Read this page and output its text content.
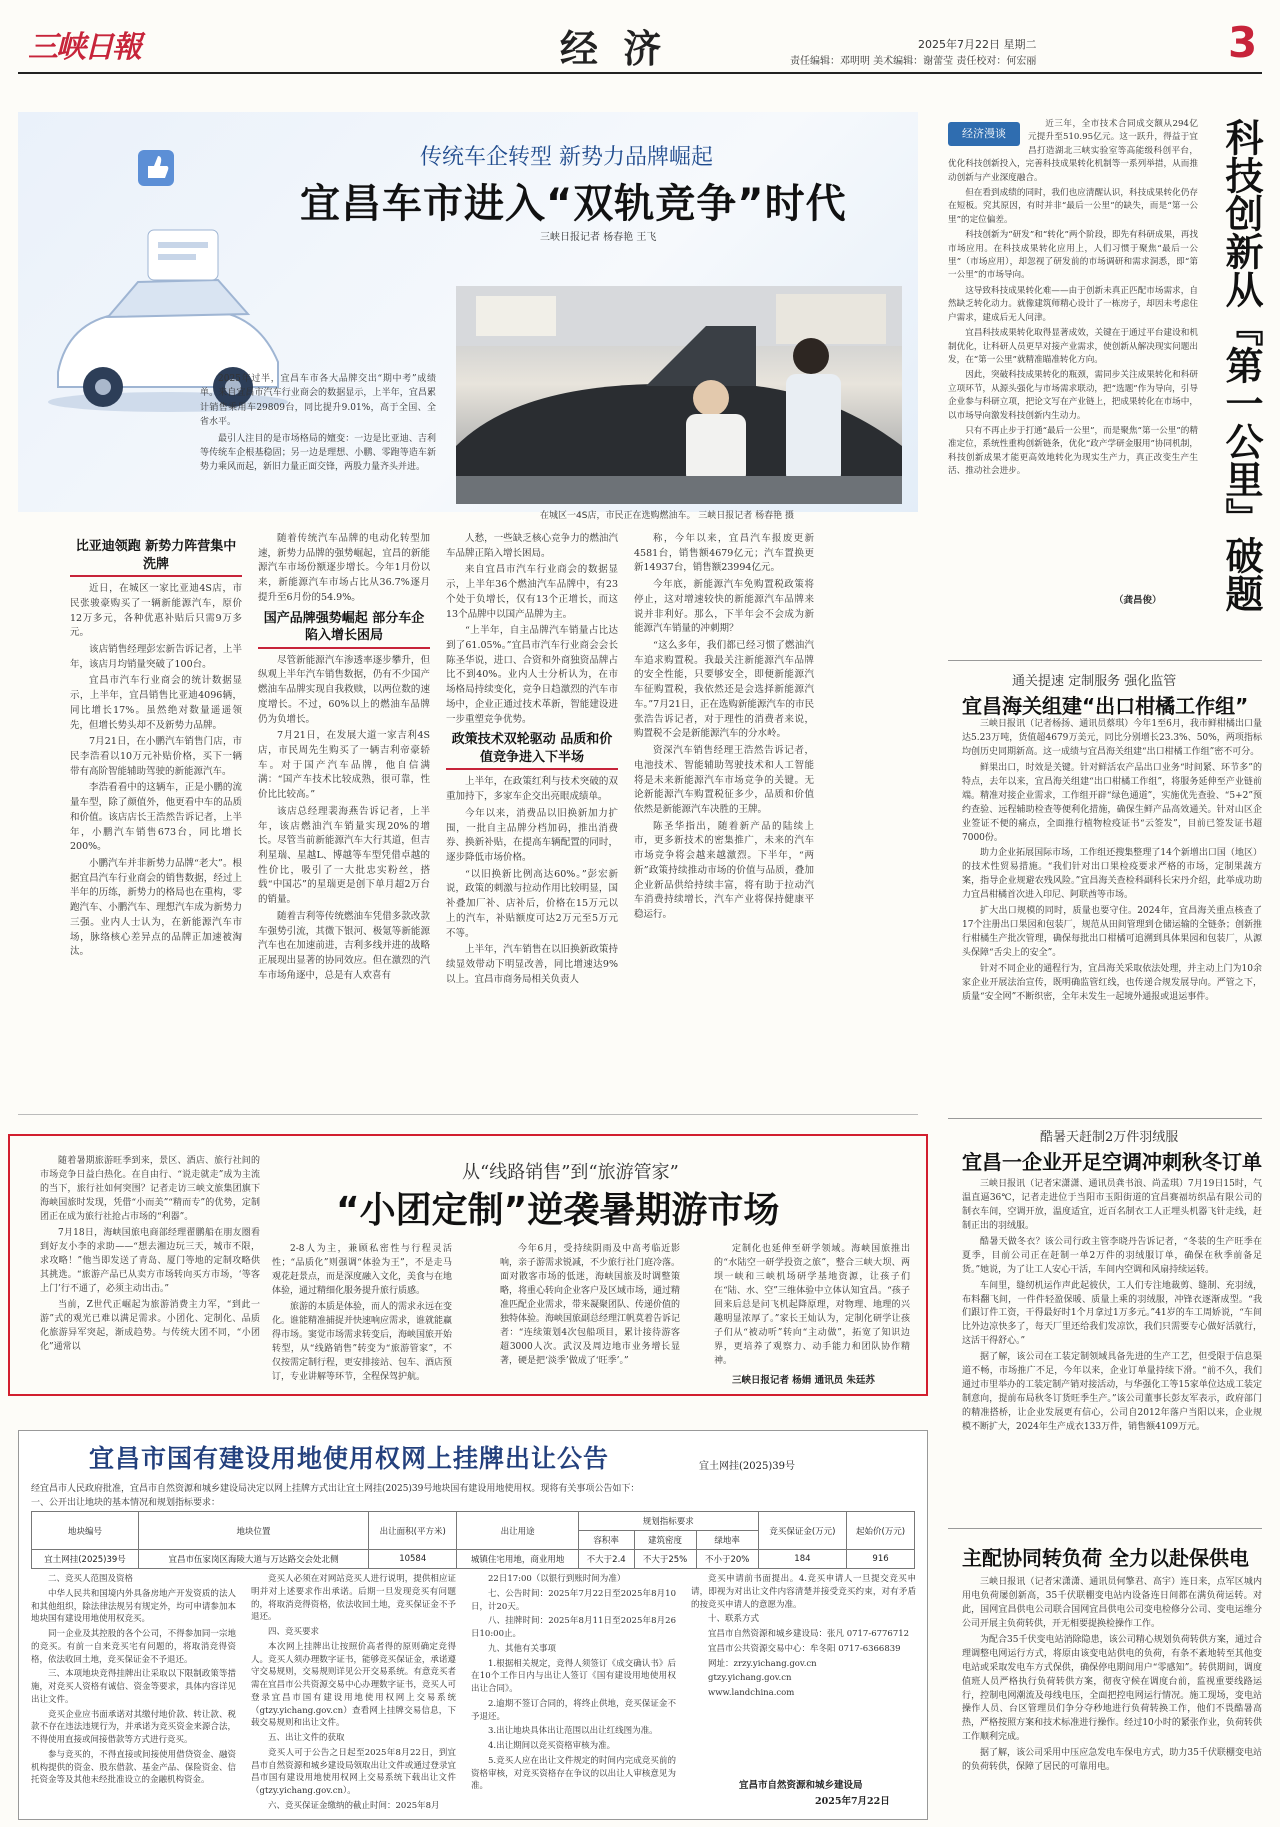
三峡日報	经 济	2025年7月22日 星期二
责任编辑：邓明明 美术编辑：谢蕾莹 责任校对：何宏丽	3
传统车企转型 新势力品牌崛起
宜昌车市进入“双轨竞争”时代
三峡日报记者 杨春艳 王飞

2025年过半，宜昌车市各大品牌交出“期中考”成绩单。来自宜昌市汽车行业商会的数据显示，上半年，宜昌累计销售乘用车29809台，同比提升9.01%，高于全国、全省水平。

最引人注目的是市场格局的嬗变：一边是比亚迪、吉利等传统车企根基稳固；另一边是理想、小鹏、零跑等造车新势力乘风而起，新旧力量正面交锋，两股力量齐头并进。

在城区一4S店，市民正在选购燃油车。 三峡日报记者 杨春艳 摄
比亚迪领跑 新势力阵营集中洗牌

近日，在城区一家比亚迪4S店，市民张骏豪购买了一辆新能源汽车，原价12万多元，各种优惠补贴后只需9万多元。

该店销售经理彭宏新告诉记者，上半年，该店月均销量突破了100台。

宜昌市汽车行业商会的统计数据显示，上半年，宜昌销售比亚迪4096辆，同比增长17%。虽然绝对数量遥遥领先，但增长势头却不及新势力品牌。

7月21日，在小鹏汽车销售门店，市民李浩看以10万元补贴价格，买下一辆带有高阶智能辅助驾驶的新能源汽车。

李浩看看中的这辆车，正是小鹏的流量车型，除了颜值外，他更看中车的品质和价值。该店店长王浩然告诉记者，上半年，小鹏汽车销售673台，同比增长200%。

小鹏汽车并非新势力品牌“老大”。根据宜昌汽车行业商会的销售数据，经过上半年的历练，新势力的格局也在重构，零跑汽车、小鹏汽车、理想汽车成为新势力三强。业内人士认为，在新能源汽车市场，脉络核心差异点的品牌正加速被淘汰。

随着传统汽车品牌的电动化转型加速，新势力品牌的强势崛起，宜昌的新能源汽车市场份额逐步增长。今年1月份以来，新能源汽车市场占比从36.7%逐月提升至6月份的54.9%。

国产品牌强势崛起 部分车企陷入增长困局

尽管新能源汽车渗透率逐步攀升，但纵观上半年汽车销售数据，仍有不少国产燃油车品牌实现自我救赎，以两位数的速度增长。不过，60%以上的燃油车品牌仍为负增长。

7月21日，在发展大道一家吉利4S店，市民周先生购买了一辆吉利帝豪轿车。对于国产汽车品牌，他自信满满：“国产车技术比较成熟，很可靠，性价比比较高。”

该店总经理裴海燕告诉记者，上半年，该店燃油汽车销量实现20%的增长。尽管当前新能源汽车大行其道，但吉利星瑞、星越L、博越等车型凭借卓越的性价比，吸引了一大批忠实粉丝，搭载“中国芯”的星瑞更是创下单月超2万台的销量。

随着吉利等传统燃油车凭借多款改款车强势引流，其微下银河、极氪等新能源汽车也在加速前进，吉利多线并进的战略正展现出显著的协同效应。但在激烈的汽车市场角逐中，总是有人欢喜有

人愁，一些缺乏核心竞争力的燃油汽车品牌正陷入增长困局。

来自宜昌市汽车行业商会的数据显示，上半年36个燃油汽车品牌中，有23个处于负增长，仅有13个正增长，而这13个品牌中以国产品牌为主。

“上半年，自主品牌汽车销量占比达到了61.05%。”宜昌市汽车行业商会会长陈圣华说，进口、合资和外商独资品牌占比不到40%。业内人士分析认为，在市场格局持续变化，竞争日趋激烈的汽车市场中，企业正通过技术革新，智能建设进一步重塑竞争优势。

政策技术双轮驱动 品质和价值竞争进入下半场

上半年，在政策红利与技术突破的双重加持下，多家车企交出亮眼成绩单。

今年以来，消费品以旧换新加力扩围，一批自主品牌分档加码，推出消费券、换新补贴，在提高车辆配置的同时，逐步降低市场价格。

“以旧换新比例高达60%。”彭宏新说，政策的刺激与拉动作用比较明显，国补叠加厂补、店补后，价格在15万元以上的汽车，补贴额度可达2万元至5万元不等。

上半年，汽车销售在以旧换新政策持续显效带动下明显改善，同比增速达9%以上。宜昌市商务局相关负责人

称，今年以来，宜昌汽车报废更新4581台，销售额4679亿元；汽车置换更新14937台，销售额23994亿元。

今年底，新能源汽车免购置税政策将停止，这对增速较快的新能源汽车品牌来说并非利好。那么，下半年会不会成为新能源汽车销量的冲刺期？

“这么多年，我们都已经习惯了燃油汽车追求购置税。我最关注新能源汽车品牌的安全性能，只要够安全，即便新能源汽车征购置税，我依然还是会选择新能源汽车。”7月21日，正在选购新能源汽车的市民张浩告诉记者，对于理性的消费者来说，购置税不会是新能源汽车的分水岭。

资深汽车销售经理王浩然告诉记者，电池技术、智能辅助驾驶技术和人工智能将是未来新能源汽车市场竞争的关键。无论新能源汽车购置税征多少，品质和价值依然是新能源汽车决胜的王牌。

陈圣华指出，随着新产品的陆续上市，更多新技术的密集推广，未来的汽车市场竞争将会越来越激烈。下半年，“两新”政策持续推动市场的价值与品质，叠加企业新品供给持续丰富，将有助于拉动汽车消费持续增长，汽车产业将保持健康平稳运行。

经济漫谈

近三年，全市技术合同成交额从294亿元提升至510.95亿元。这一跃升，得益于宜昌打造湖北三峡实验室等高能级科创平台，优化科技创新投入，完善科技成果转化机制等一系列举措，从而推动创新与产业深度融合。

但在看到成绩的同时，我们也应清醒认识，科技成果转化仍存在短板。究其原因，有时并非“最后一公里”的缺失，而是“第一公里”的定位偏差。

科技创新为“研发”和“转化”两个阶段，即先有科研成果，再找市场应用。在科技成果转化应用上，人们习惯于聚焦“最后一公里”（市场应用），却忽视了研发前的市场调研和需求洞悉，即“第一公里”的市场导向。

这导致科技成果转化难——由于创新未真正匹配市场需求，自然缺乏转化动力。就像建筑师精心设计了一栋房子，却因未考虑住户需求，建成后无人问津。

宜昌科技成果转化取得显著成效，关键在于通过平台建设和机制优化，让科研人员更早对接产业需求，使创新从解决现实问题出发，在“第一公里”就精准瞄准转化方向。

因此，突破科技成果转化的瓶颈，需同步关注成果转化和科研立项环节，从源头强化与市场需求联动，把“选题”作为导向，引导企业参与科研立项，把论文写在产业链上，把成果转化在市场中，以市场导向激发科技创新内生动力。

只有不再止步于打通“最后一公里”，而是聚焦“第一公里”的精准定位，系统性重构创新链条，优化“政产学研金服用”协同机制，科技创新成果才能更高效地转化为现实生产力，真正改变生产生活、推动社会进步。

（龚昌俊） 科技创新从『第一公里』破题
通关提速 定制服务 强化监管
宜昌海关组建“出口柑橘工作组”

三峡日报讯（记者杨扬、通讯员蔡琪）今年1至6月，我市鲜柑橘出口量达5.23万吨，货值超4679万美元，同比分别增长23.3%、50%，两项指标均创历史同期新高。这一成绩与宜昌海关组建“出口柑橘工作组”密不可分。

鲜果出口，时效是关键。针对鲜活农产品出口业务“时间紧、环节多”的特点，去年以来，宜昌海关组建“出口柑橘工作组”，将服务延伸至产业链前端。精准对接企业需求，工作组开辟“绿色通道”，实施优先查验、“5+2”预约查验、远程辅助检查等便利化措施，确保生鲜产品高效通关。针对山区企业签证不便的痛点，全面推行植物检疫证书“云签发”，目前已签发证书超7000份。

助力企业拓展国际市场，工作组还搜集整理了14个新增出口国（地区）的技术性贸易措施。“我们针对出口果检疫要求严格的市场，定制果蔬方案，指导企业规避农残风险。”宜昌海关查检科副科长宋丹介绍，此举成功助力宜昌柑橘首次进入印尼、阿联酋等市场。

扩大出口规模的同时，质量也要守住。2024年，宜昌海关重点核查了17个注册出口果园和包装厂，规范从田间管理到仓储运输的全链条；创新推行柑橘生产批次管理，确保每批出口柑橘可追溯到具体果园和包装厂，从源头保障“舌尖上的安全”。

针对不同企业的通程行为，宜昌海关采取依法处理，并主动上门为10余家企业开展法治宣传，既明确监管红线，也传递合规发展导向。严管之下，质量“安全网”不断织密，全年未发生一起境外通报或退运事件。

酷暑天赶制2万件羽绒服
宜昌一企业开足空调冲刺秋冬订单

三峡日报讯（记者宋潇潇、通讯员龚书浪、尚孟琪）7月19日15时，气温直逼36℃，记者走进位于当阳市玉阳街道的宜昌赛福坊织品有限公司的制衣车间，空调开放，温度适宜，近百名制衣工人正埋头机器飞针走线，赶制正出的羽绒服。

酷暑天做冬衣？该公司行政主管李晓丹告诉记者，“冬装的生产旺季在夏季，目前公司正在赶制一单2万件的羽绒服订单，确保在秋季前备足货。”她说，为了让工人安心干活，车间内空调和风扇持续运转。

车间里，缝纫机运作声此起彼伏，工人们专注地裁剪、缝制、充羽绒，布料翻飞间，一件件轻盈保暖、质量上乘的羽绒服，冲锋衣逐渐成型。“我们跟订件工资，干得最好时1个月拿过1万多元。”41岁的车工周娇说，“车间比外边凉快多了，每天厂里还给我们发凉饮，我们只需要专心做好活就行，这活干得舒心。”

据了解，该公司在工装定制领域具备先进的生产工艺，但受限于信息渠道不畅，市场推广不足，今年以来，企业订单量持续下滑。“前不久，我们通过市里举办的工装定制产销对接活动，与华强化工等15家单位达成工装定制意向，提前布局秋冬订货旺季生产。”该公司董事长彭友军表示，政府部门的精准搭桥，让企业发展更有信心，公司自2012年落户当阳以来，企业规模不断扩大，2024年生产成衣133万件，销售额4109万元。

主配协同转负荷 全力以赴保供电

三峡日报讯（记者宋潇潇、通讯员何擎君、高宇）连日来，点军区城内用电负荷屡创新高，35千伏联棚变电站内设备连日间都在满负荷运转。对此，国网宜昌供电公司联合国网宜昌供电公司变电检修分公司、变电运维分公司开展主负荷转供，开无相要提换检操作工作。

为配合35千伏变电站消除隐患，该公司精心规划负荷转供方案，通过合理调整电网运行方式，将原由该变电站供电的负荷，有条不紊地转至其他变电站或采取发电车方式保供，确保停电期间用户“零感知”。转供期间，调度值班人员严格执行负荷转供方案，彻夜守候在调度台前，监视重要线路运行，控制电网潮流及母线电压，全面把控电网运行情况。施工现场，变电站操作人员、台区管理员们争分夺秒地进行负荷转换工作，他们不畏酷暑高热，严格按照方案和技术标准进行操作。经过10小时的紧张作业，负荷转供工作顺利完成。

据了解，该公司采用中压应急发电车保电方式，助力35千伏联棚变电站的负荷转供，保障了居民的可靠用电。

从“线路销售”到“旅游管家”
“小团定制”逆袭暑期游市场

随着暑期旅游旺季到来，景区、酒店、旅行社间的市场竞争日益白热化。在自由行、“说走就走”成为主流的当下，旅行社如何突围？记者走访三峡文旅集团旗下海峡国旅时发现，凭借“小而美”“精而专”的优势，定制团正在成为旅行社抢占市场的“利器”。

7月18日，海峡国旅电商部经理翟鹏船在朋友圈看到好友小李的求助——“想去湘边玩三天，城市不限，求攻略！”他当即发送了青岛、厦门等地的定制攻略供其挑选。“旅游产品已从卖方市场转向买方市场，‘等客上门’行不通了，必须主动出击。”

当前，Z世代正崛起为旅游消费主力军，“到此一游”式的观光已难以满足需求。小团化、定制化、品质化旅游异军突起，渐成趋势。与传统大团不同，“小团化”通常以

2-8人为主，兼顾私密性与行程灵活性；“品质化”则强调“体验为王”，不是走马观花赶景点，而是深度融入文化，美食与在地体验，通过精细化服务提升旅行质感。

旅游的本质是体验，而人的需求永远在变化。谁能精准捕捉并快速响应需求，谁就能赢得市场。窦觉市场需求转变后，海峡国旅开始转型，从“线路销售”转变为“旅游管家”，不仅按需定制行程，更安排接站、包车、酒店预订，专业讲解等环节，全程保驾护航。

今年6月，受持续阴雨及中高考临近影响，亲子游需求锐减，不少旅行社门庭冷落。面对散客市场的低迷，海峡国旅及时调整策略，将重心转向企业客户及区域市场，通过精准匹配企业需求，带来凝聚团队、传递价值的独特体验。海峡国旅副总经理江帆莫着告诉记者：“连续策划4次包船项目，累计接待游客超3000人次。武汉及周边地市业务增长显著，硬是把‘淡季’做成了‘旺季’。”

定制化也延伸至研学领域。海峡国旅推出的“水陆空一研学投资之旅”，整合三峡大坝、两坝一峡和三峡机场研学基地资源，让孩子们在“陆、水、空”三维体验中立体认知宜昌。“孩子回来后总是问飞机起降原理，对物理、地理的兴趣明显浓厚了。”家长王灿认为，定制化研学让孩子们从“被动听”转向“主动做”，拓宽了知识边界，更培养了观察力、动手能力和团队协作精神。

三峡日报记者 杨娟 通讯员 朱廷苏
宜昌市国有建设用地使用权网上挂牌出让公告	宜土网挂(2025)39号
经宜昌市人民政府批准，宜昌市自然资源和城乡建设局决定以网上挂牌方式出让宜土网挂(2025)39号地块国有建设用地使用权。现将有关事项公告如下：
一、公开出让地块的基本情况和规划指标要求：
地块编号	地块位置	出让面积(平方米)	出让用途	规划指标要求			竞买保证金(万元)	起始价(万元)
				容积率	建筑密度	绿地率		
宜土网挂(2025)39号	宜昌市伍家岗区海陵大道与万达路交会处北侧	10584	城镇住宅用地，商业用地	不大于2.4	不大于25%	不小于20%	184	916

二、竞买人范围及资格

中华人民共和国境内外具备房地产开发资质的法人和其他组织，除法律法规另有规定外，均可申请参加本地块国有建设用地使用权竞买。

同一企业及其控股的各个公司，不得参加同一宗地的竞买。有前一自来竞买宅有问题的，将取消竞得资格，依法收回土地，竞买保证金不予退还。

三、本项地块竞得挂牌出让采取以下限制政策等措施，对竞买人资格有诚信、资金等要求，具体内容详见出让文件。

竞买企业应书面承诺对其缴付地价款、转让款、税款不存在违法违规行为，并承诺为竞买资金来源合法，不得使用直接或间接借款等方式进行竞买。

参与竞买的，不得直接或间接使用借贷资金、融资机构提供的资金、股东借款、基金产品、保险资金、信托资金等及其他未经批准设立的金融机构资金。

竞买人必须在对网站竞买人进行说明，提供相应证明并对上述要求作出承诺。后期一旦发现竞买有问题的，将取消竞得资格，依法收回土地，竞买保证金不予退还。

四、竞买要求

本次网上挂牌出让按照价高者得的原则确定竞得人。竞买人须办理数字证书，能够竞买保证金，承诺遵守交易规则，交易规则详见公开交易系统。有意竞买者需在宜昌市公共资源交易中心办理数字证书，竞买人可登录宜昌市国有建设用地使用权网上交易系统（gtzy.yichang.gov.cn）查看网上挂牌交易信息，下载交易规则和出让文件。

五、出让文件的获取

竞买人可于公告之日起至2025年8月22日，到宜昌市自然资源和城乡建设局领取出让文件或通过登录宜昌市国有建设用地使用权网上交易系统下载出让文件（gtzy.yichang.gov.cn）。

六、竞买保证金缴纳的截止时间：2025年8月

22日17:00（以银行到账时间为准）

七、公告时间：2025年7月22日至2025年8月10日，计20天。

八、挂牌时间：2025年8月11日至2025年8月26日10:00止。

九、其他有关事项

1.根据相关规定，竞得人须签订《成交确认书》后在10个工作日内与出让人签订《国有建设用地使用权出让合同》。

2.逾期不签订合同的，将终止供地，竞买保证金不予退还。

3.出让地块具体出让范围以出让红线图为准。

4.出让期间以竞买资格审核为准。

5.竞买人应在出让文件规定的时间内完成竞买前的资格审核，对竞买资格存在争议的以出让人审核意见为准。

竞买申请前书面提出。4.竞买申请人一旦提交竞买申请，即视为对出让文件内容清楚并接受竞买约束，对有矛盾的按竞买申请人的意愿为准。

十、联系方式

宜昌市自然资源和城乡建设局：张凡 0717-6776712

宜昌市公共资源交易中心：牟冬阳 0717-6366839

网址：zrzy.yichang.gov.cn

gtzy.yichang.gov.cn

www.landchina.com

宜昌市自然资源和城乡建设局
2025年7月22日
